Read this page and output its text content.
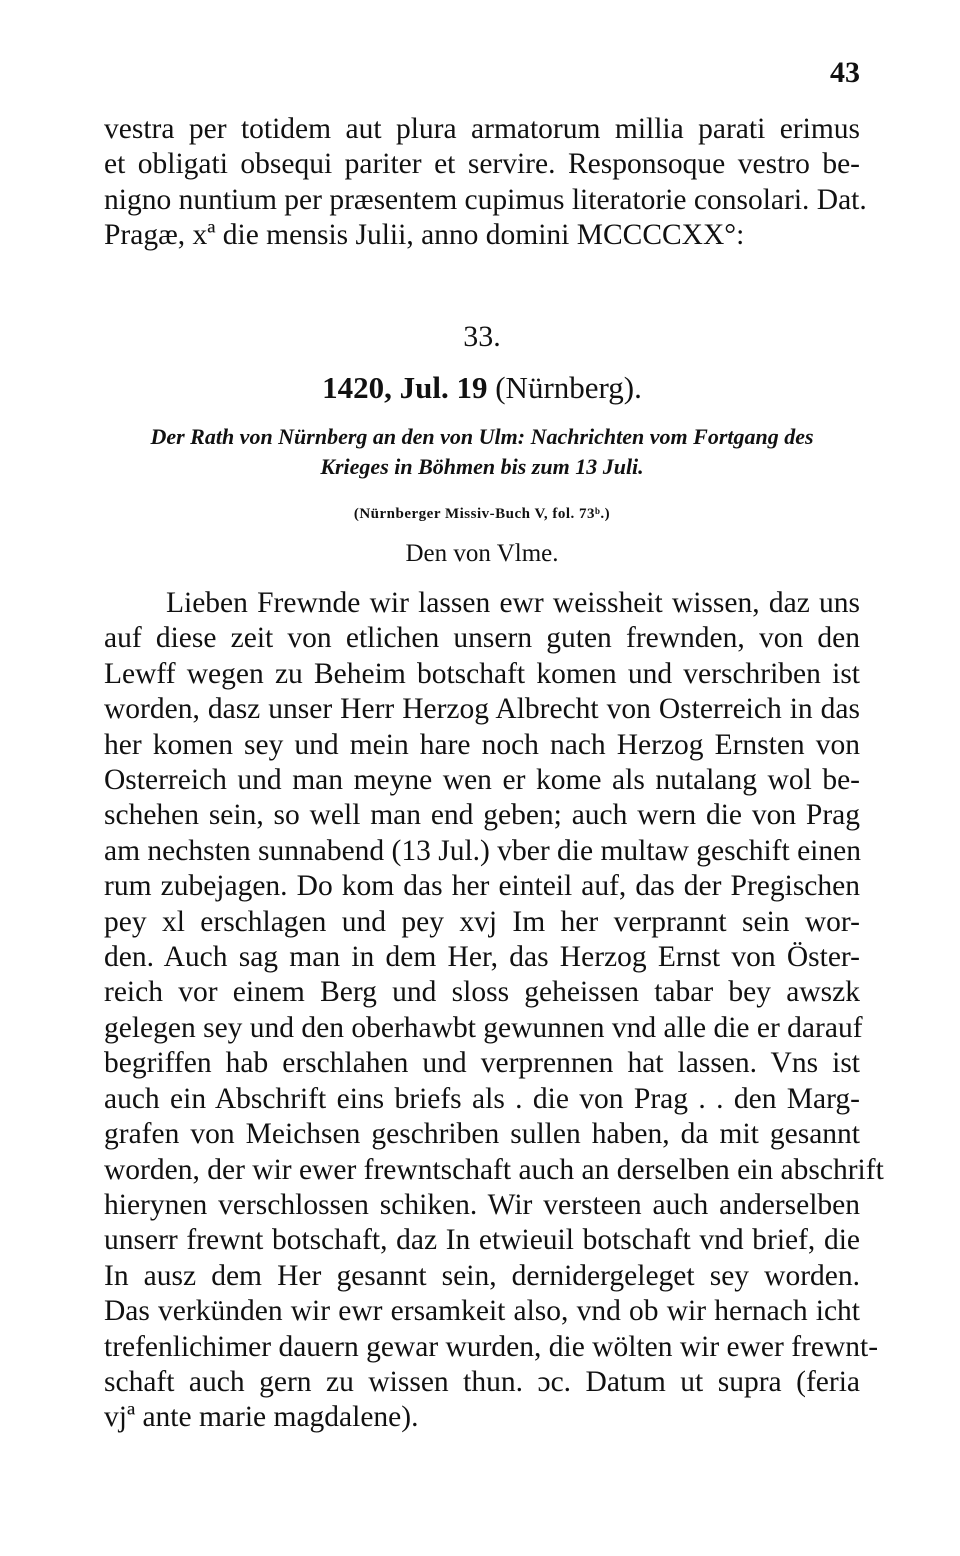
43
vestra per totidem aut plura armatorum millia parati erimus
et obligati obsequi pariter et servire. Responsoque vestro be-
nigno nuntium per præsentem cupimus literatorie consolari. Dat.
Pragæ, xª die mensis Julii, anno domini MCCCCXX°:
33.
1420, Jul. 19 (Nürnberg).
Der Rath von Nürnberg an den von Ulm: Nachrichten vom Fortgang des
Krieges in Böhmen bis zum 13 Juli.
(Nürnberger Missiv-Buch V, fol. 73ᵇ.)
Den von Vlme.
Lieben Frewnde wir lassen ewr weissheit wissen, daz uns
auf diese zeit von etlichen unsern guten frewnden, von den
Lewff wegen zu Beheim botschaft komen und verschriben ist
worden, dasz unser Herr Herzog Albrecht von Osterreich in das
her komen sey und mein hare noch nach Herzog Ernsten von
Osterreich und man meyne wen er kome als nutalang wol be-
schehen sein, so well man end geben; auch wern die von Prag
am nechsten sunnabend (13 Jul.) vber die multaw geschift einen
rum zubejagen. Do kom das her einteil auf, das der Pregischen
pey xl erschlagen und pey xvj Im her verprannt sein wor-
den. Auch sag man in dem Her, das Herzog Ernst von Öster-
reich vor einem Berg und sloss geheissen tabar bey awszk
gelegen sey und den oberhawbt gewunnen vnd alle die er darauf
begriffen hab erschlahen und verprennen hat lassen. Vns ist
auch ein Abschrift eins briefs als . die von Prag . . den Marg-
grafen von Meichsen geschriben sullen haben, da mit gesannt
worden, der wir ewer frewntschaft auch an derselben ein abschrift
hierynen verschlossen schiken. Wir versteen auch anderselben
unserr frewnt botschaft, daz In etwieuil botschaft vnd brief, die
In ausz dem Her gesannt sein, dernidergeleget sey worden.
Das verkünden wir ewr ersamkeit also, vnd ob wir hernach icht
trefenlichimer dauern gewar wurden, die wölten wir ewer frewnt-
schaft auch gern zu wissen thun. ɔc. Datum ut supra (feria
vjª ante marie magdalene).
